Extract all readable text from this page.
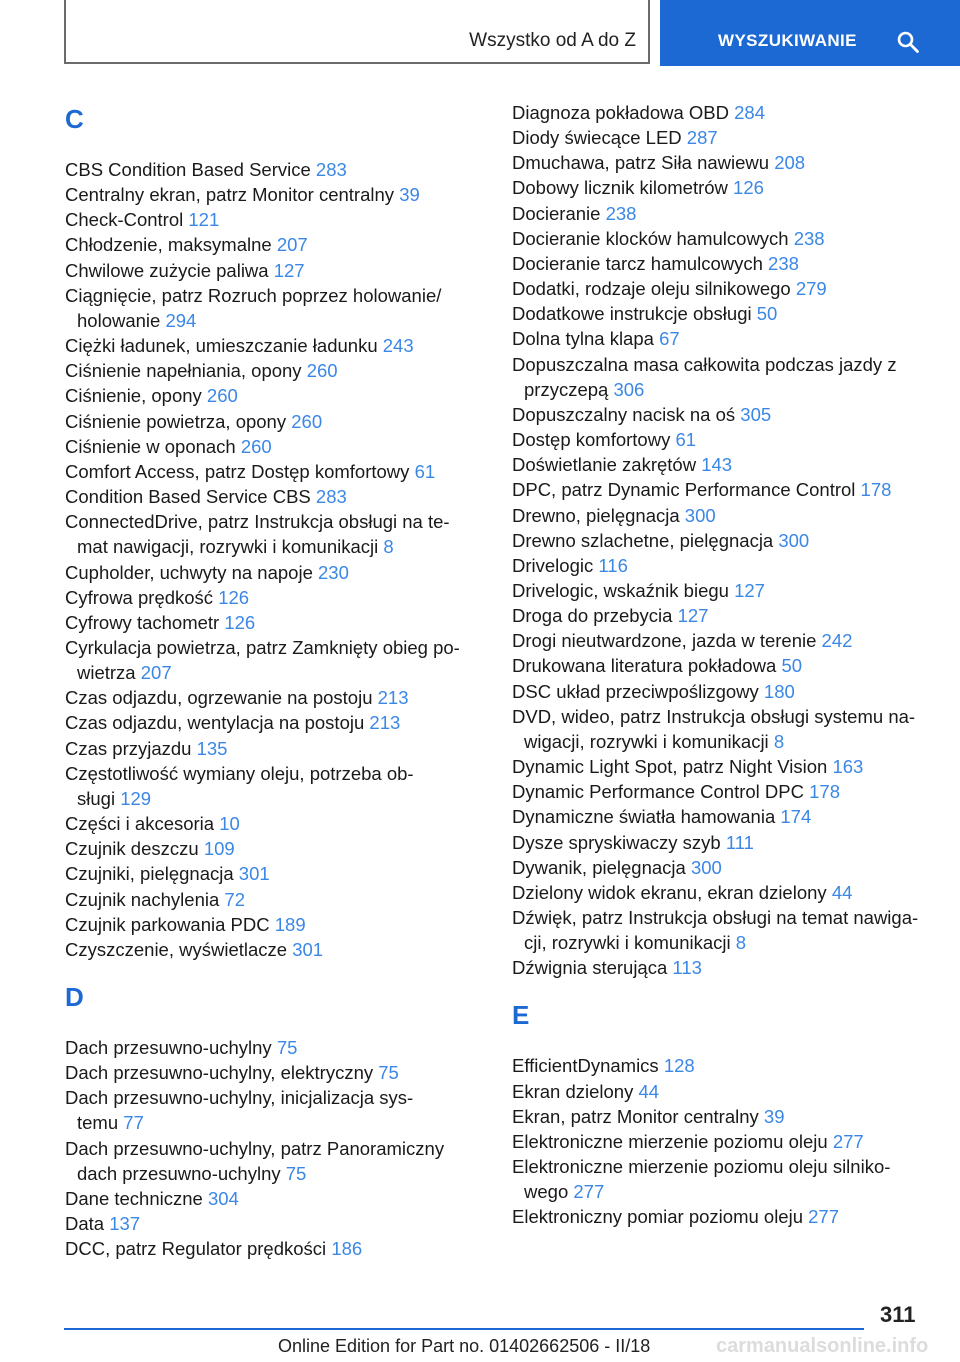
Wszystko od A do Z	WYSZUKIWANIE
C
CBS Condition Based Service 283
Centralny ekran, patrz Monitor centralny 39
Check-Control 121
Chłodzenie, maksymalne 207
Chwilowe zużycie paliwa 127
Ciągnięcie, patrz Rozruch poprzez holowanie/
holowanie 294
Ciężki ładunek, umieszczanie ładunku 243
Ciśnienie napełniania, opony 260
Ciśnienie, opony 260
Ciśnienie powietrza, opony 260
Ciśnienie w oponach 260
Comfort Access, patrz Dostęp komfortowy 61
Condition Based Service CBS 283
ConnectedDrive, patrz Instrukcja obsługi na te-
mat nawigacji, rozrywki i komunikacji 8
Cupholder, uchwyty na napoje 230
Cyfrowa prędkość 126
Cyfrowy tachometr 126
Cyrkulacja powietrza, patrz Zamknięty obieg po-
wietrza 207
Czas odjazdu, ogrzewanie na postoju 213
Czas odjazdu, wentylacja na postoju 213
Czas przyjazdu 135
Częstotliwość wymiany oleju, potrzeba ob-
sługi 129
Części i akcesoria 10
Czujnik deszczu 109
Czujniki, pielęgnacja 301
Czujnik nachylenia 72
Czujnik parkowania PDC 189
Czyszczenie, wyświetlacze 301
D
Dach przesuwno-uchylny 75
Dach przesuwno-uchylny, elektryczny 75
Dach przesuwno-uchylny, inicjalizacja sys-
temu 77
Dach przesuwno-uchylny, patrz Panoramiczny
dach przesuwno-uchylny 75
Dane techniczne 304
Data 137
DCC, patrz Regulator prędkości 186
Diagnoza pokładowa OBD 284
Diody świecące LED 287
Dmuchawa, patrz Siła nawiewu 208
Dobowy licznik kilometrów 126
Docieranie 238
Docieranie klocków hamulcowych 238
Docieranie tarcz hamulcowych 238
Dodatki, rodzaje oleju silnikowego 279
Dodatkowe instrukcje obsługi 50
Dolna tylna klapa 67
Dopuszczalna masa całkowita podczas jazdy z
przyczepą 306
Dopuszczalny nacisk na oś 305
Dostęp komfortowy 61
Doświetlanie zakrętów 143
DPC, patrz Dynamic Performance Control 178
Drewno, pielęgnacja 300
Drewno szlachetne, pielęgnacja 300
Drivelogic 116
Drivelogic, wskaźnik biegu 127
Droga do przebycia 127
Drogi nieutwardzone, jazda w terenie 242
Drukowana literatura pokładowa 50
DSC układ przeciwpoślizgowy 180
DVD, wideo, patrz Instrukcja obsługi systemu na-
wigacji, rozrywki i komunikacji 8
Dynamic Light Spot, patrz Night Vision 163
Dynamic Performance Control DPC 178
Dynamiczne światła hamowania 174
Dysze spryskiwaczy szyb 111
Dywanik, pielęgnacja 300
Dzielony widok ekranu, ekran dzielony 44
Dźwięk, patrz Instrukcja obsługi na temat nawiga-
cji, rozrywki i komunikacji 8
Dźwignia sterująca 113
E
EfficientDynamics 128
Ekran dzielony 44
Ekran, patrz Monitor centralny 39
Elektroniczne mierzenie poziomu oleju 277
Elektroniczne mierzenie poziomu oleju silniko-
wego 277
Elektroniczny pomiar poziomu oleju 277
311
Online Edition for Part no. 01402662506 - II/18	carmanualsonline.info
